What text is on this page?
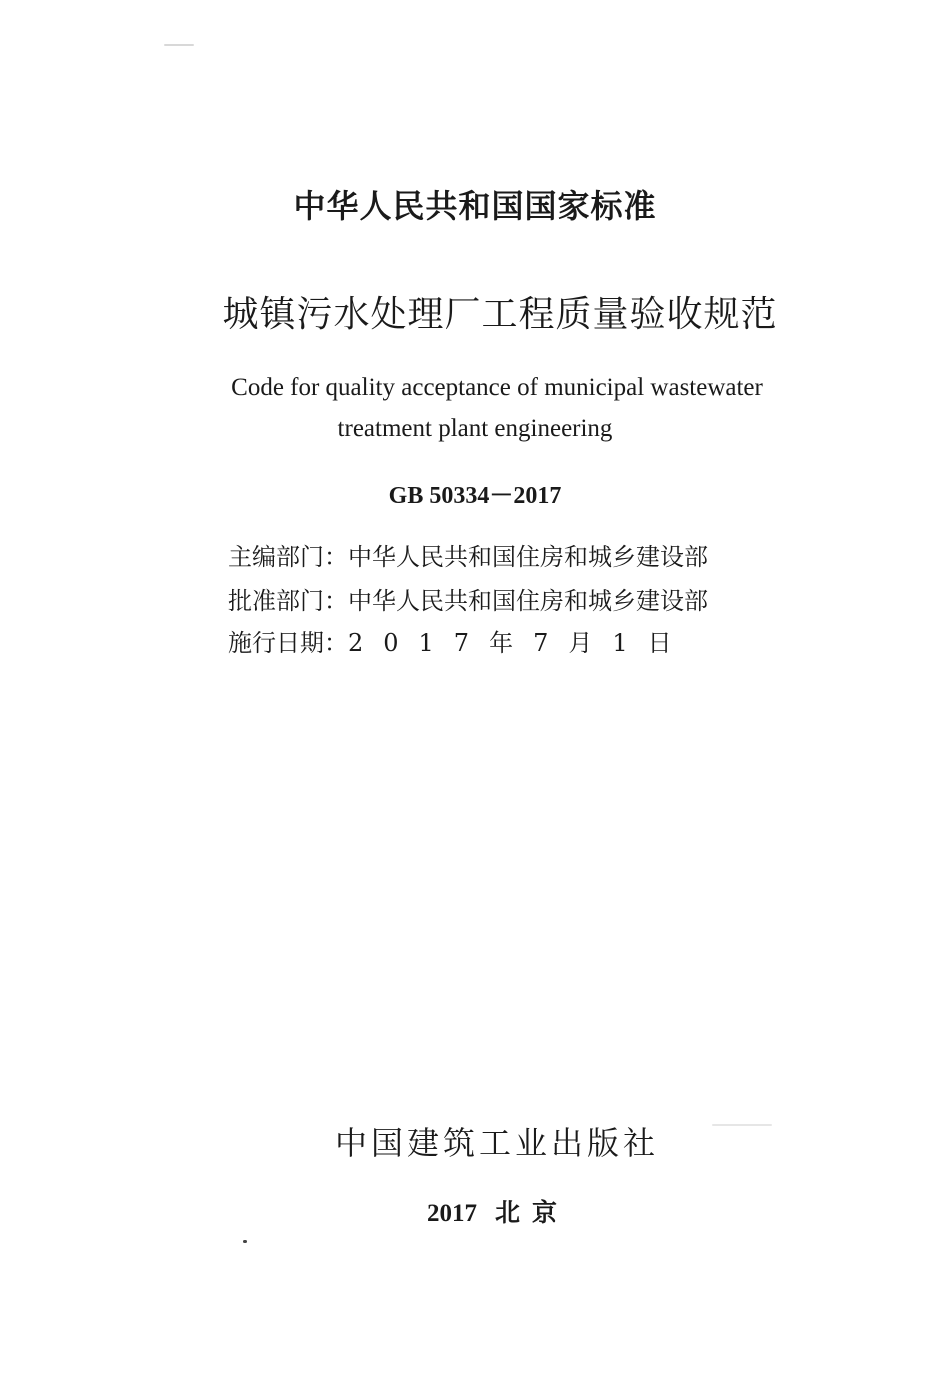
中华人民共和国国家标准
城镇污水处理厂工程质量验收规范
Code for quality acceptance of municipal wastewater
treatment plant engineering
GB 50334－2017
主编部门：中华人民共和国住房和城乡建设部
批准部门：中华人民共和国住房和城乡建设部
施行日期：2017年7月1日
中国建筑工业出版社
2017 北京
